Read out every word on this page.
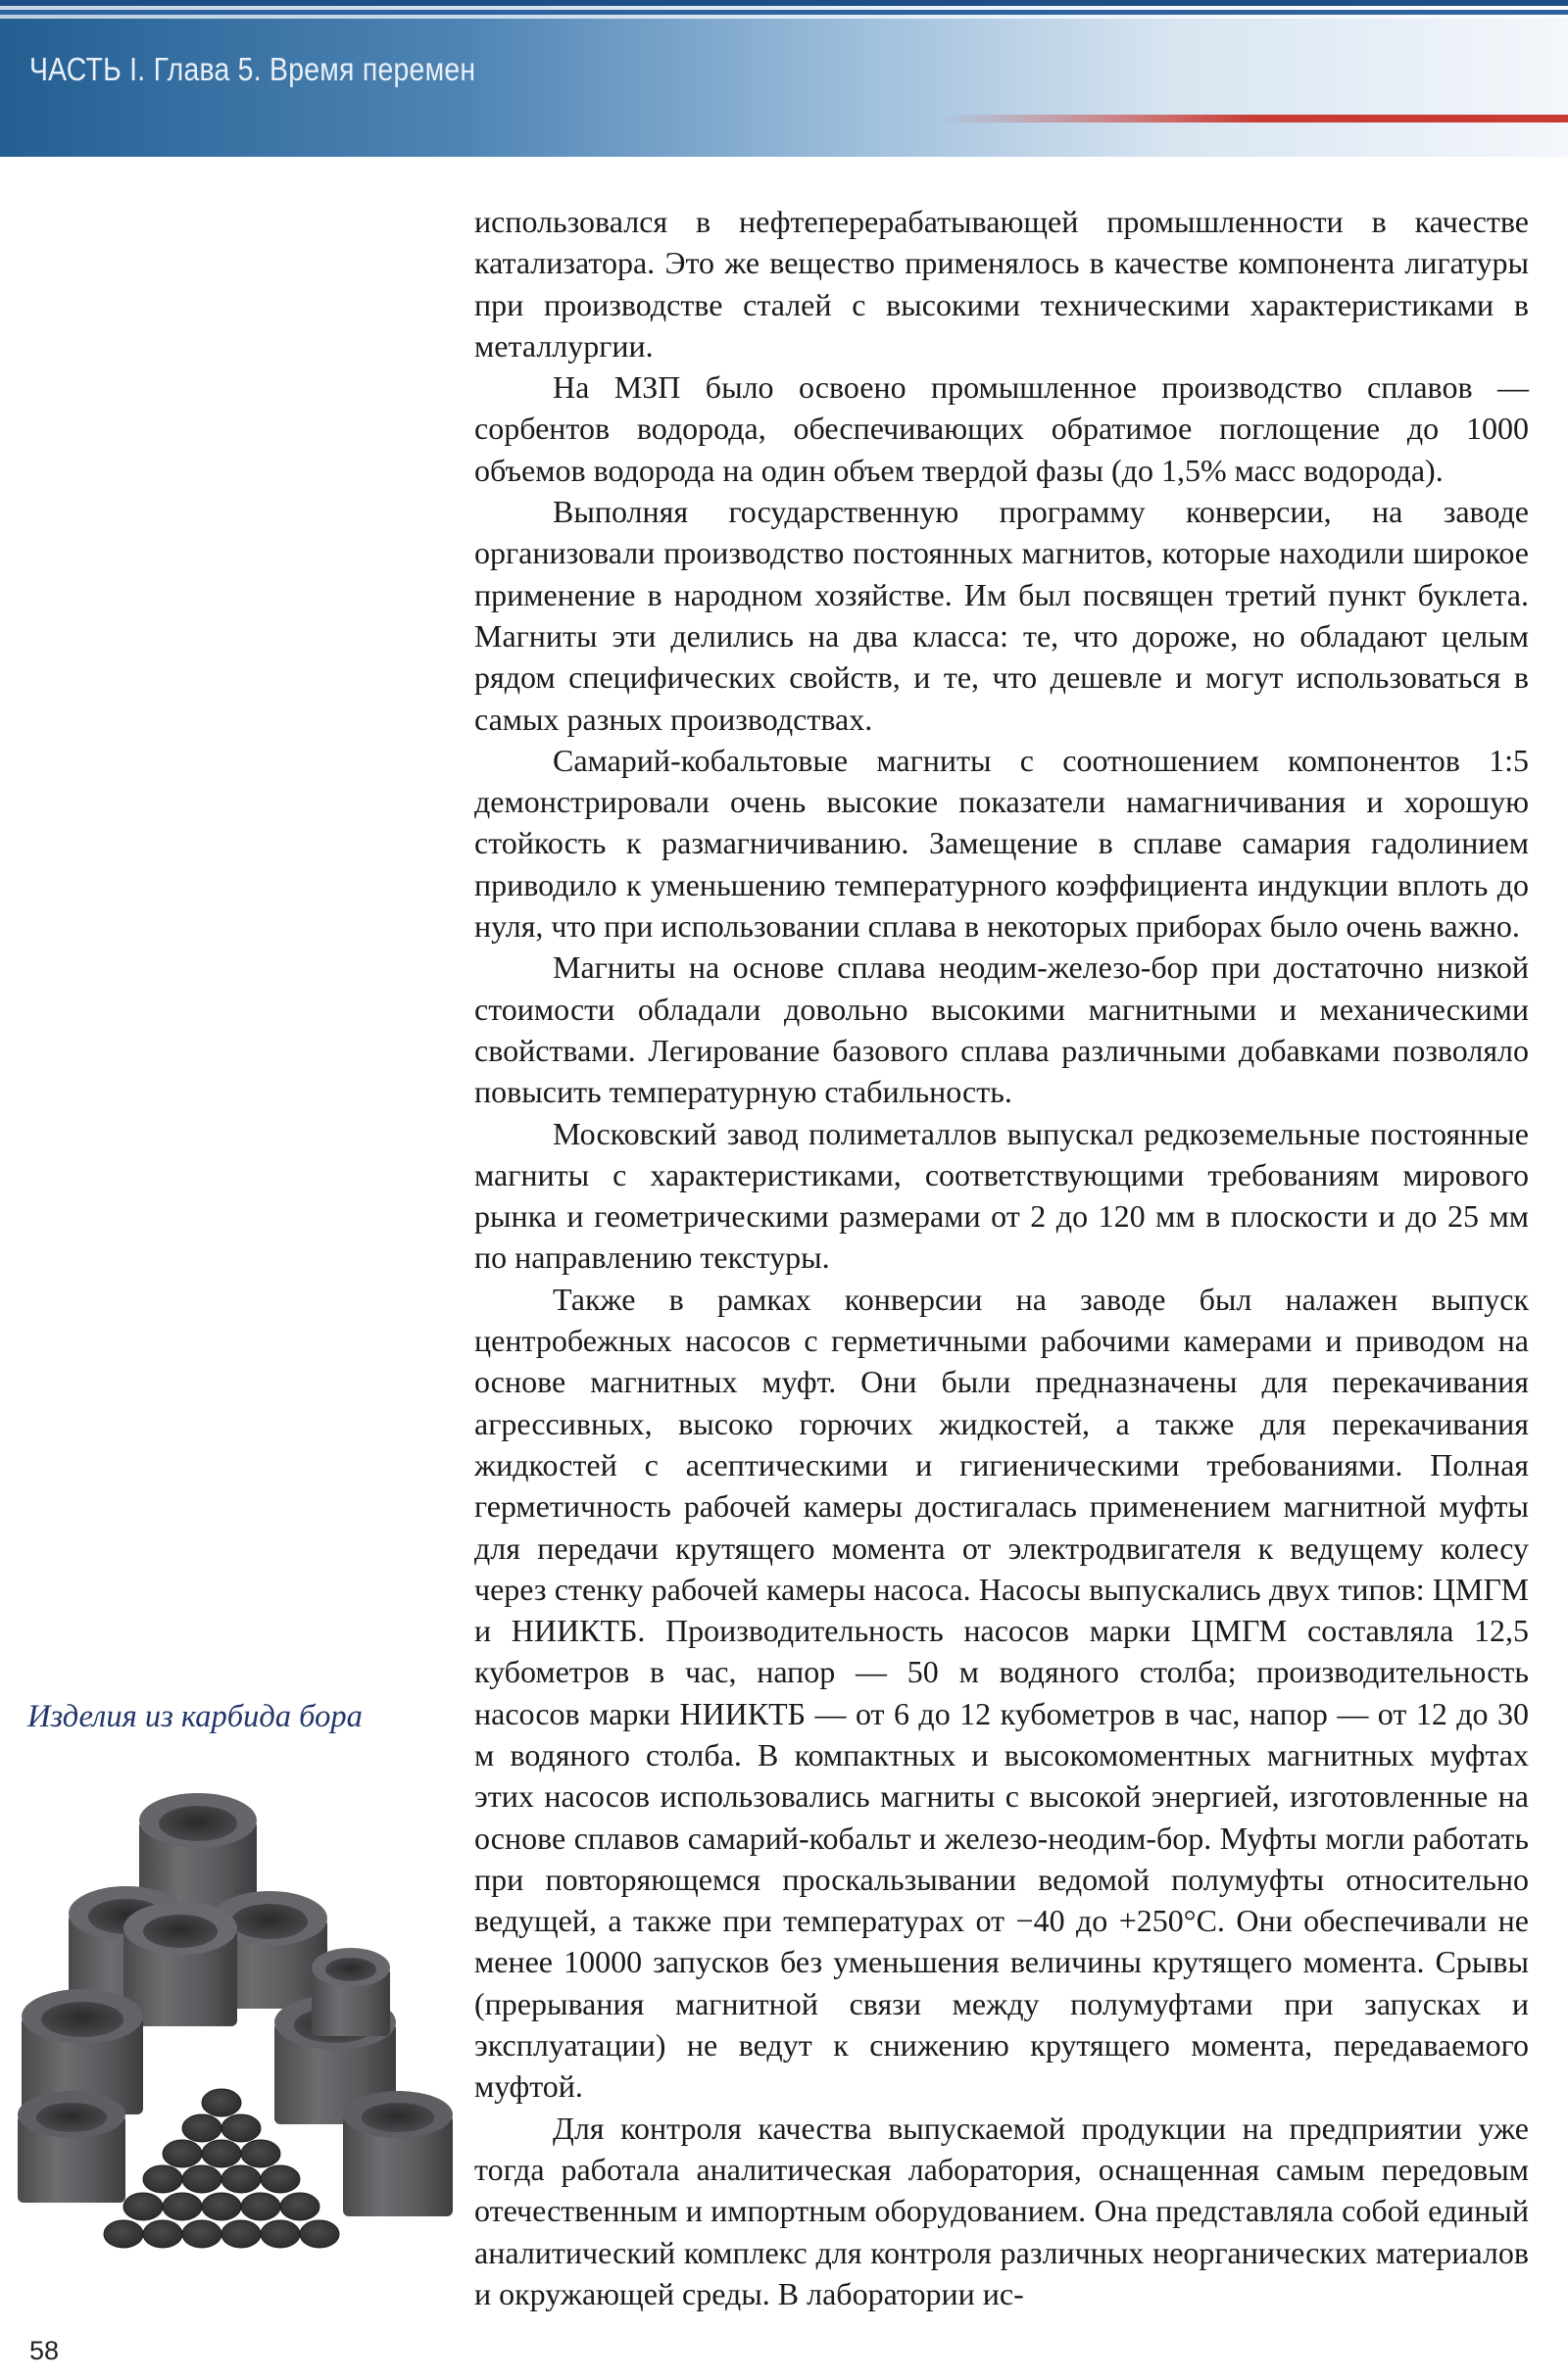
ЧАСТЬ I. Глава 5. Время перемен

использовался в нефтеперерабатывающей промышленности в качестве катализатора. Это же вещество применялось в качестве компонента лигатуры при производстве сталей с высокими техническими характеристиками в металлургии.

На МЗП было освоено промышленное производство сплавов — сорбентов водорода, обеспечивающих обратимое поглощение до 1000 объемов водорода на один объем твердой фазы (до 1,5% масс водорода).

Выполняя государственную программу конверсии, на заводе организовали производство постоянных магнитов, которые находили широкое применение в народном хозяйстве. Им был посвящен третий пункт буклета. Магниты эти делились на два класса: те, что дороже, но обладают целым рядом специфических свойств, и те, что дешевле и могут использоваться в самых разных производствах.

Самарий-кобальтовые магниты с соотношением компонентов 1:5 демонстрировали очень высокие показатели намагничивания и хорошую стойкость к размагничиванию. Замещение в сплаве самария гадолинием приводило к уменьшению температурного коэффициента индукции вплоть до нуля, что при использовании сплава в некоторых приборах было очень важно.

Магниты на основе сплава неодим-железо-бор при достаточно низкой стоимости обладали довольно высокими магнитными и механическими свойствами. Легирование базового сплава различными добавками позволяло повысить температурную стабильность.

Московский завод полиметаллов выпускал редкоземельные постоянные магниты с характеристиками, соответствующими требованиям мирового рынка и геометрическими размерами от 2 до 120 мм в плоскости и до 25 мм по направлению текстуры.

Также в рамках конверсии на заводе был налажен выпуск центробежных насосов с герметичными рабочими камерами и приводом на основе магнитных муфт. Они были предназначены для перекачивания агрессивных, высоко горючих жидкостей, а также для перекачивания жидкостей с асептическими и гигиеническими требованиями. Полная герметичность рабочей камеры достигалась применением магнитной муфты для передачи крутящего момента от электродвигателя к ведущему колесу через стенку рабочей камеры насоса. Насосы выпускались двух типов: ЦМГМ и НИИКТБ. Производительность насосов марки ЦМГМ составляла 12,5 кубометров в час, напор — 50 м водяного столба; производительность насосов марки НИИКТБ — от 6 до 12 кубометров в час, напор — от 12 до 30 м водяного столба. В компактных и высокомоментных магнитных муфтах этих насосов использовались магниты с высокой энергией, изготовленные на основе сплавов самарий-кобальт и железо-неодим-бор. Муфты могли работать при повторяющемся проскальзывании ведомой полумуфты относительно ведущей, а также при температурах от −40 до +250°С. Они обеспечивали не менее 10000 запусков без уменьшения величины крутящего момента. Срывы (прерывания магнитной связи между полумуфтами при запусках и эксплуатации) не ведут к снижению крутящего момента, передаваемого муфтой.

Для контроля качества выпускаемой продукции на предприятии уже тогда работала аналитическая лаборатория, оснащенная самым передовым отечественным и импортным оборудованием. Она представляла собой единый аналитический комплекс для контроля различных неорганических материалов и окружающей среды. В лаборатории ис-

Изделия из карбида бора
58
